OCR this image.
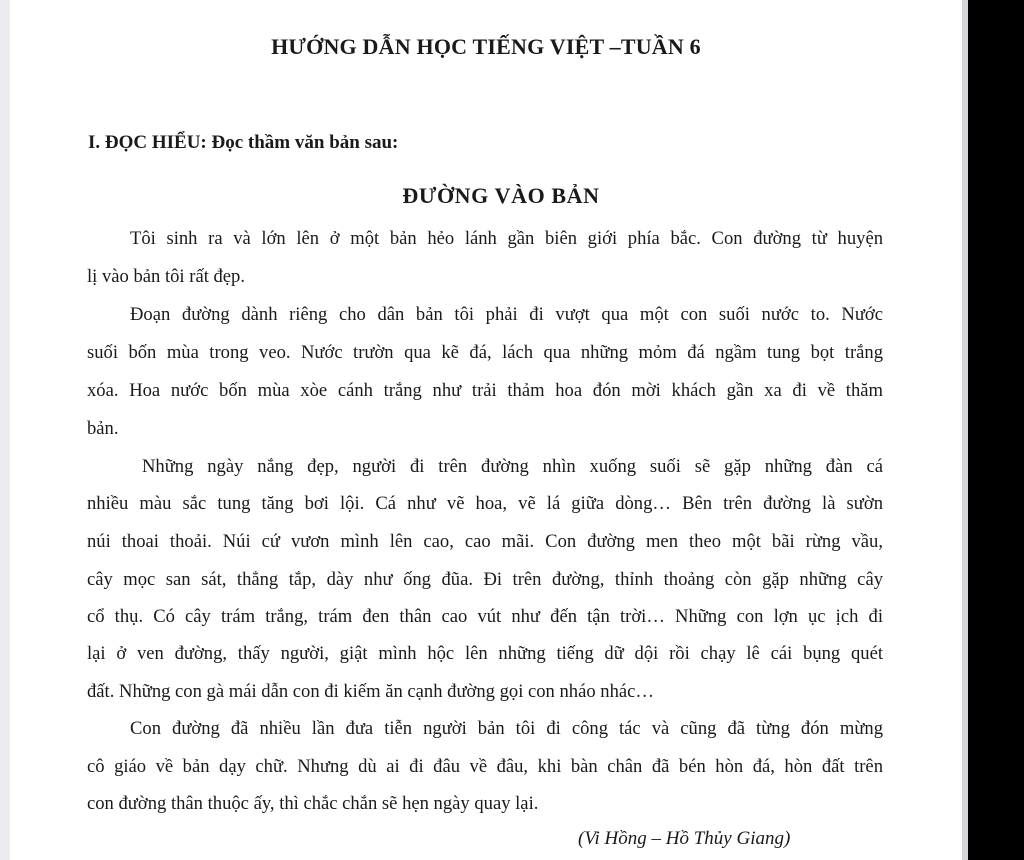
HƯỚNG DẪN HỌC TIẾNG VIỆT –TUẦN 6

I. ĐỌC HIỂU: Đọc thầm văn bản sau:

ĐƯỜNG VÀO BẢN

Tôi sinh ra và lớn lên ở một bản hẻo lánh gần biên giới phía bắc. Con đường từ huyện

lị vào bản tôi rất đẹp.

Đoạn đường dành riêng cho dân bản tôi phải đi vượt qua một con suối nước to. Nước

suối bốn mùa trong veo. Nước trườn qua kẽ đá, lách qua những mỏm đá ngầm tung bọt trắng

xóa. Hoa nước bốn mùa xòe cánh trắng như trải thảm hoa đón mời khách gần xa đi về thăm

bản.

Những ngày nắng đẹp, người đi trên đường nhìn xuống suối sẽ gặp những đàn cá

nhiều màu sắc tung tăng bơi lội. Cá như vẽ hoa, vẽ lá giữa dòng… Bên trên đường là sườn

núi thoai thoải. Núi cứ vươn mình lên cao, cao mãi. Con đường men theo một bãi rừng vầu,

cây mọc san sát, thẳng tắp, dày như ống đũa. Đi trên đường, thỉnh thoảng còn gặp những cây

cổ thụ. Có cây trám trắng, trám đen thân cao vút như đến tận trời… Những con lợn ục ịch đi

lại ở ven đường, thấy người, giật mình hộc lên những tiếng dữ dội rồi chạy lê cái bụng quét

đất. Những con gà mái dẫn con đi kiếm ăn cạnh đường gọi con nháo nhác…

Con đường đã nhiều lần đưa tiễn người bản tôi đi công tác và cũng đã từng đón mừng

cô giáo về bản dạy chữ. Nhưng dù ai đi đâu về đâu, khi bàn chân đã bén hòn đá, hòn đất trên

con đường thân thuộc ấy, thì chắc chắn sẽ hẹn ngày quay lại.

(Vi Hồng – Hồ Thủy Giang)
